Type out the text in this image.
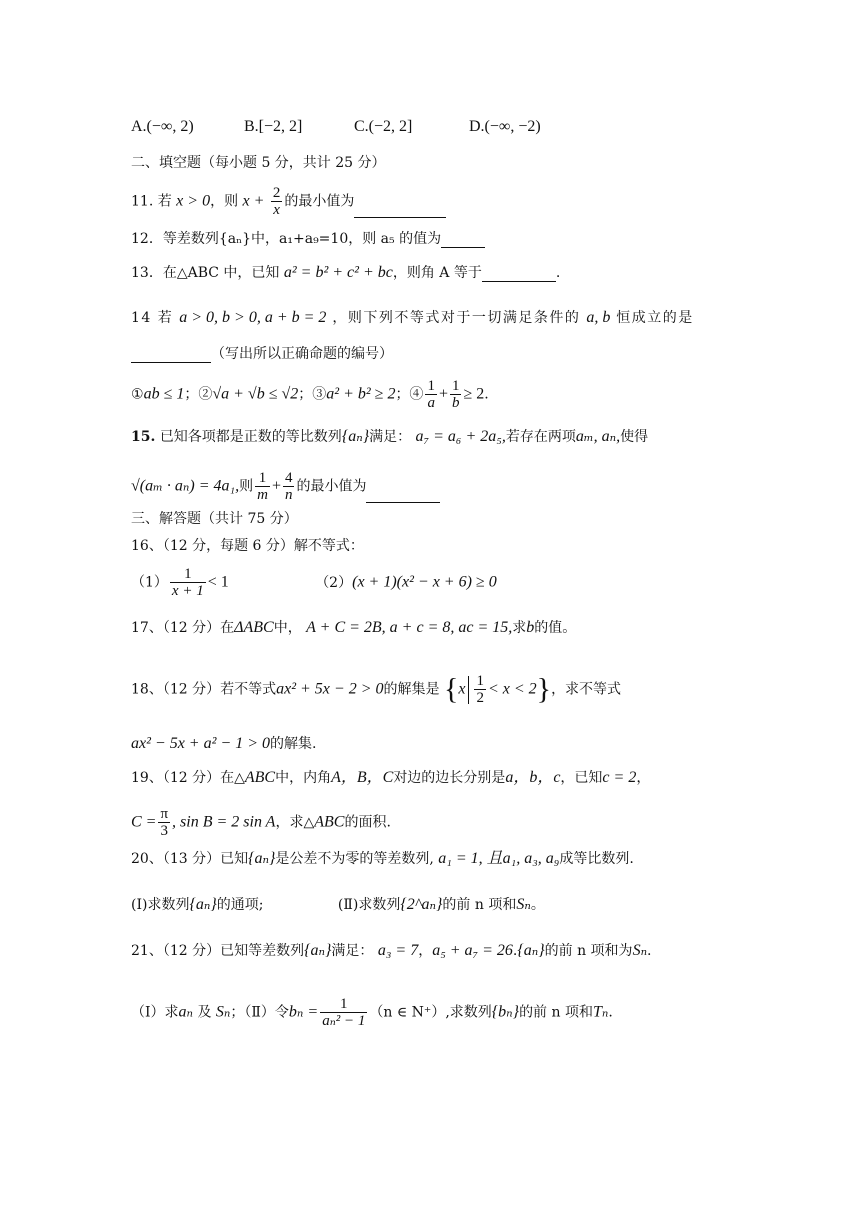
A.(−∞, 2)	B.[−2, 2]	C.(−2, 2]	D.(−∞, −2)
二、填空题（每小题 5 分，共计 25 分）
11. 若 x > 0，则 $x + \frac{2}{x}$ 的最小值为
12．等差数列{aₙ}中，a₁+a₉=10，则 a₅ 的值为
13．在△ABC 中，已知 a² = b² + c² + bc，则角 A 等于	.
14 若 a > 0, b > 0, a + b = 2 ，则下列不等式对于一切满足条件的 a, b 恒成立的是
（写出所以正确命题的编号）
①ab ≤ 1；②√a + √b ≤ √2；③a² + b² ≥ 2；④ $\frac{1}{a} + \frac{1}{b} \ge 2$.
15. 已知各项都是正数的等比数列{aₙ}满足： a₇ = a₆ + 2a₅,若存在两项aₘ, aₙ,使得
√(aₘ · aₙ) = 4a₁,则 $\frac{1}{m} + \frac{4}{n}$ 的最小值为
三、解答题（共计 75 分）
16、（12 分，每题 6 分）解不等式：
$(1) \frac{1}{x + 1} < 1$	（2）(x + 1)(x² − x + 6) ≥ 0
17、（12 分）在ΔABC中， A + C = 2B, a + c = 8, ac = 15,求b的值。
18、（12 分）若不等式ax² + 5x − 2 > 0的解集是 $\{x \frac{1}{2} < x < 2\}$，求不等式
ax² − 5x + a² − 1 > 0的解集.
19、（12 分）在△ABC中，内角A，B，C对边的边长分别是a，b，c，已知c = 2，
$C = \frac{\pi}{3}$ , sin B = 2 sin A，求△ABC的面积.
20、（13 分）已知{aₙ}是公差不为零的等差数列, a₁ = 1, 且a₁, a₃, a₉成等比数列.
(Ⅰ)求数列{aₙ}的通项;	(Ⅱ)求数列{2^aₙ}的前 n 项和Sₙ。
21、（12 分）已知等差数列{aₙ}满足： a₃ = 7，a₅ + a₇ = 26.{aₙ}的前 n 项和为Sₙ.
（Ⅰ）求aₙ 及 Sₙ；（Ⅱ）令$b_n = \frac{1}{\text{aₙ² − 1}} (n$ ∈ N⁺）,求数列{bₙ}的前 n 项和Tₙ.
